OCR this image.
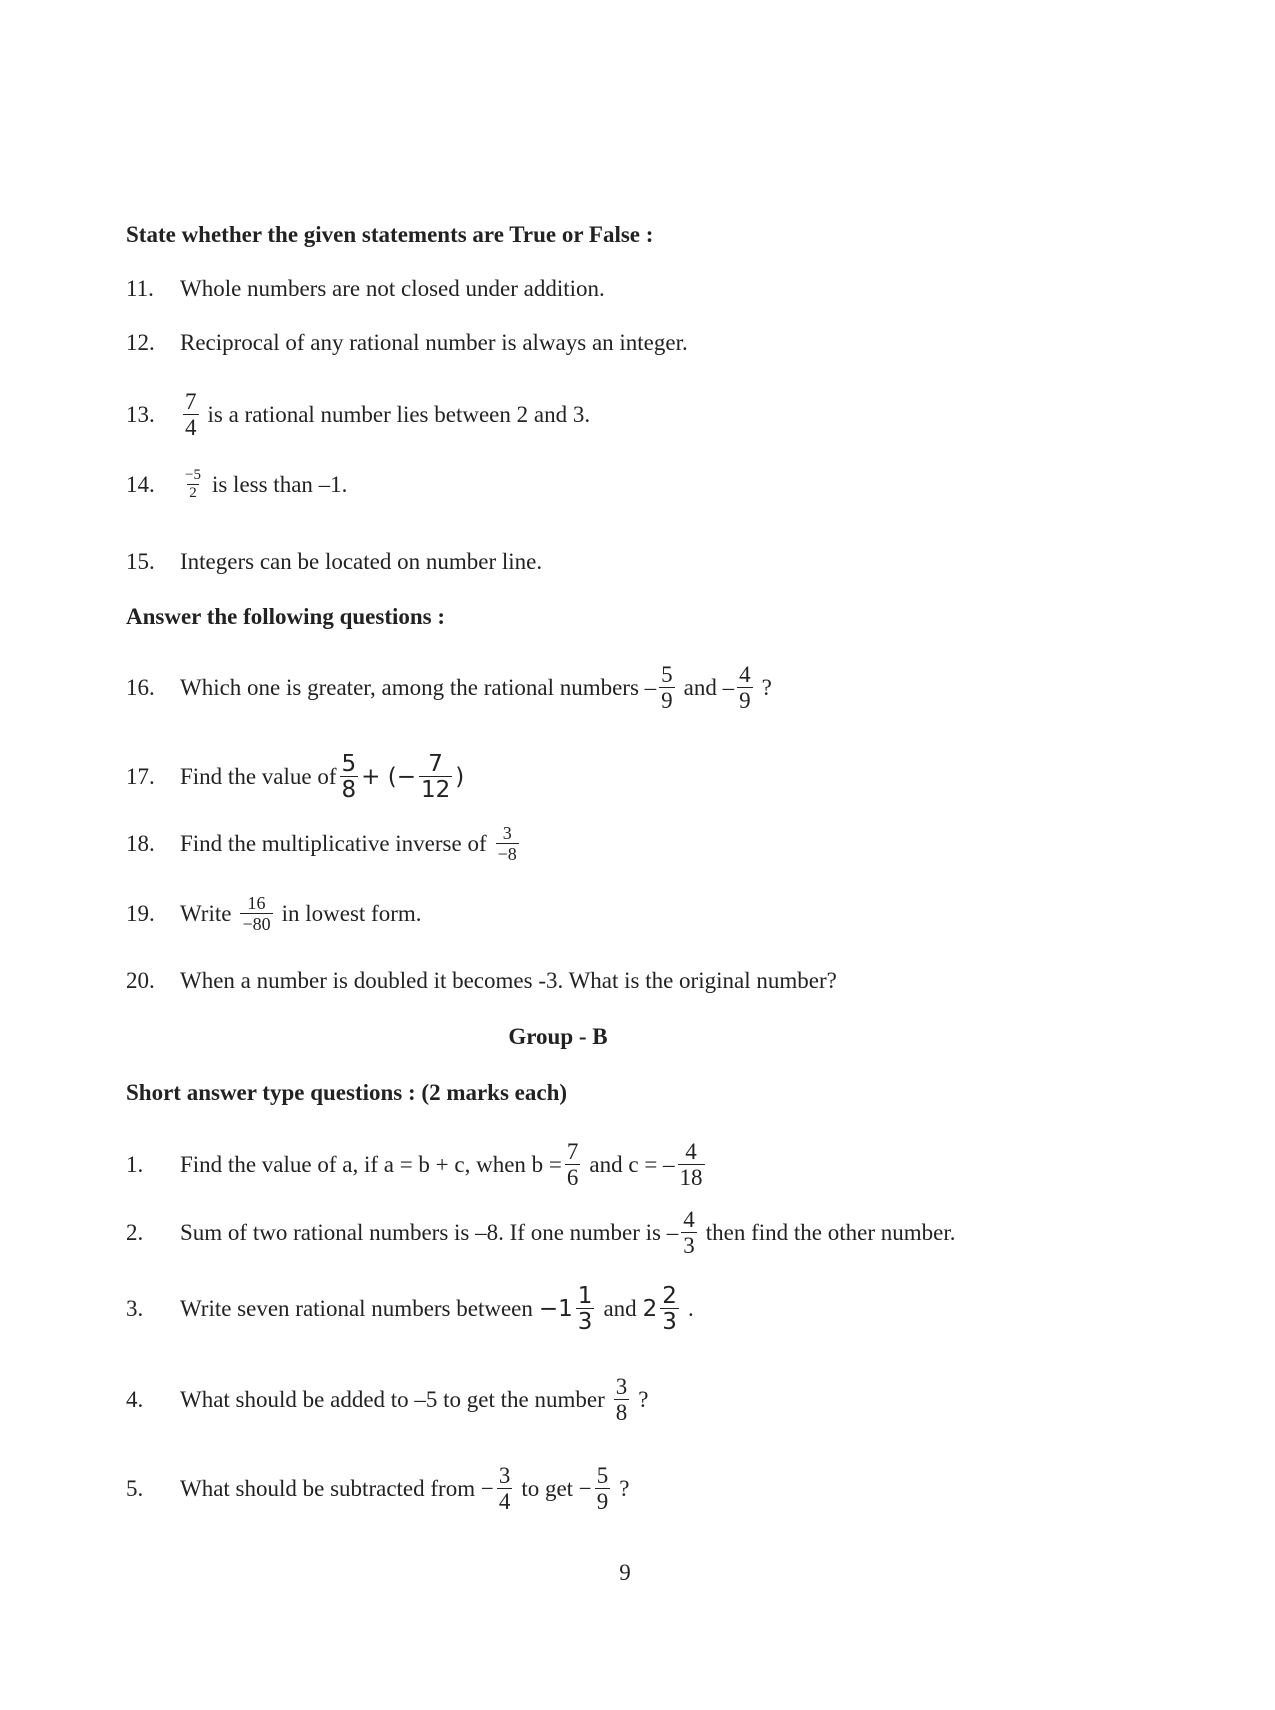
State whether the given statements are True or False :
11.	Whole numbers are not closed under addition.
12.	Reciprocal of any rational number is always an integer.
13.	$\frac{7}{4}$ is a rational number lies between 2 and 3.
14.	$\frac{-5}{2}$ is less than –1.
15.	Integers can be located on number line.
Answer the following questions :
16.	Which one is greater, among the rational numbers – $\frac{5}{9}$ and – $\frac{4}{9}$ ?
17.	Find the value of $\frac{5}{8}$ + (− $\frac{7}{12}$ )
18.	Find the multiplicative inverse of $\frac{3}{-8}$
19.	Write $\frac{16}{-80}$ in lowest form.
20.	When a number is doubled it becomes -3. What is the original number?
Group - B
Short answer type questions : (2 marks each)
1.	Find the value of a, if a = b + c, when $b = \frac{7}{6}$ and c = – $\frac{4}{18}$
2.	Sum of two rational numbers is –8. If one number is – $\frac{4}{3}$ then find the other number.
3.	Write seven rational numbers between $-1 \frac{1}{3}$ and $2 \frac{2}{3}$ .
4.	What should be added to –5 to get the number $\frac{3}{8}$ ?
5.	What should be subtracted from − $\frac{3}{4}$ to get − $\frac{5}{9}$ ?
9
